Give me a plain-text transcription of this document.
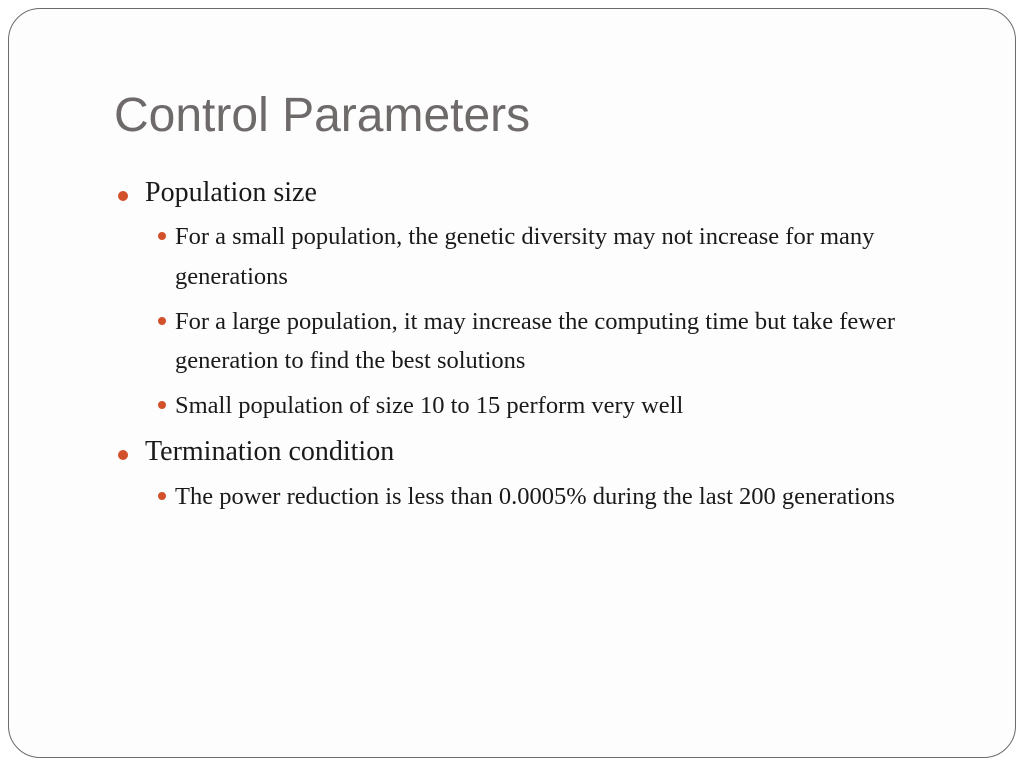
Control Parameters
Population size
For a small population, the genetic diversity may not increase for many generations
For a large population, it may increase the computing time but take fewer generation to find the best solutions
Small population of size 10 to 15 perform very well
Termination condition
The power reduction is less than 0.0005% during the last 200 generations
